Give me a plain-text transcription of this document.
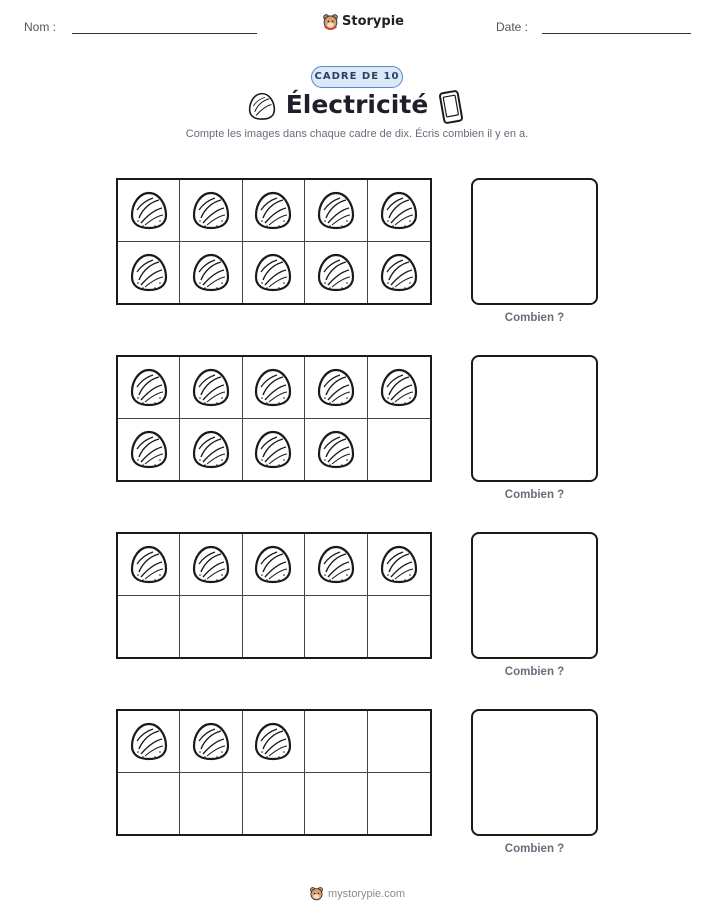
Nom :	Storypie	Date :
CADRE DE 10
Électricité
Compte les images dans chaque cadre de dix. Écris combien il y en a.
Combien ?
Combien ?
Combien ?
Combien ?
mystorypie.com
